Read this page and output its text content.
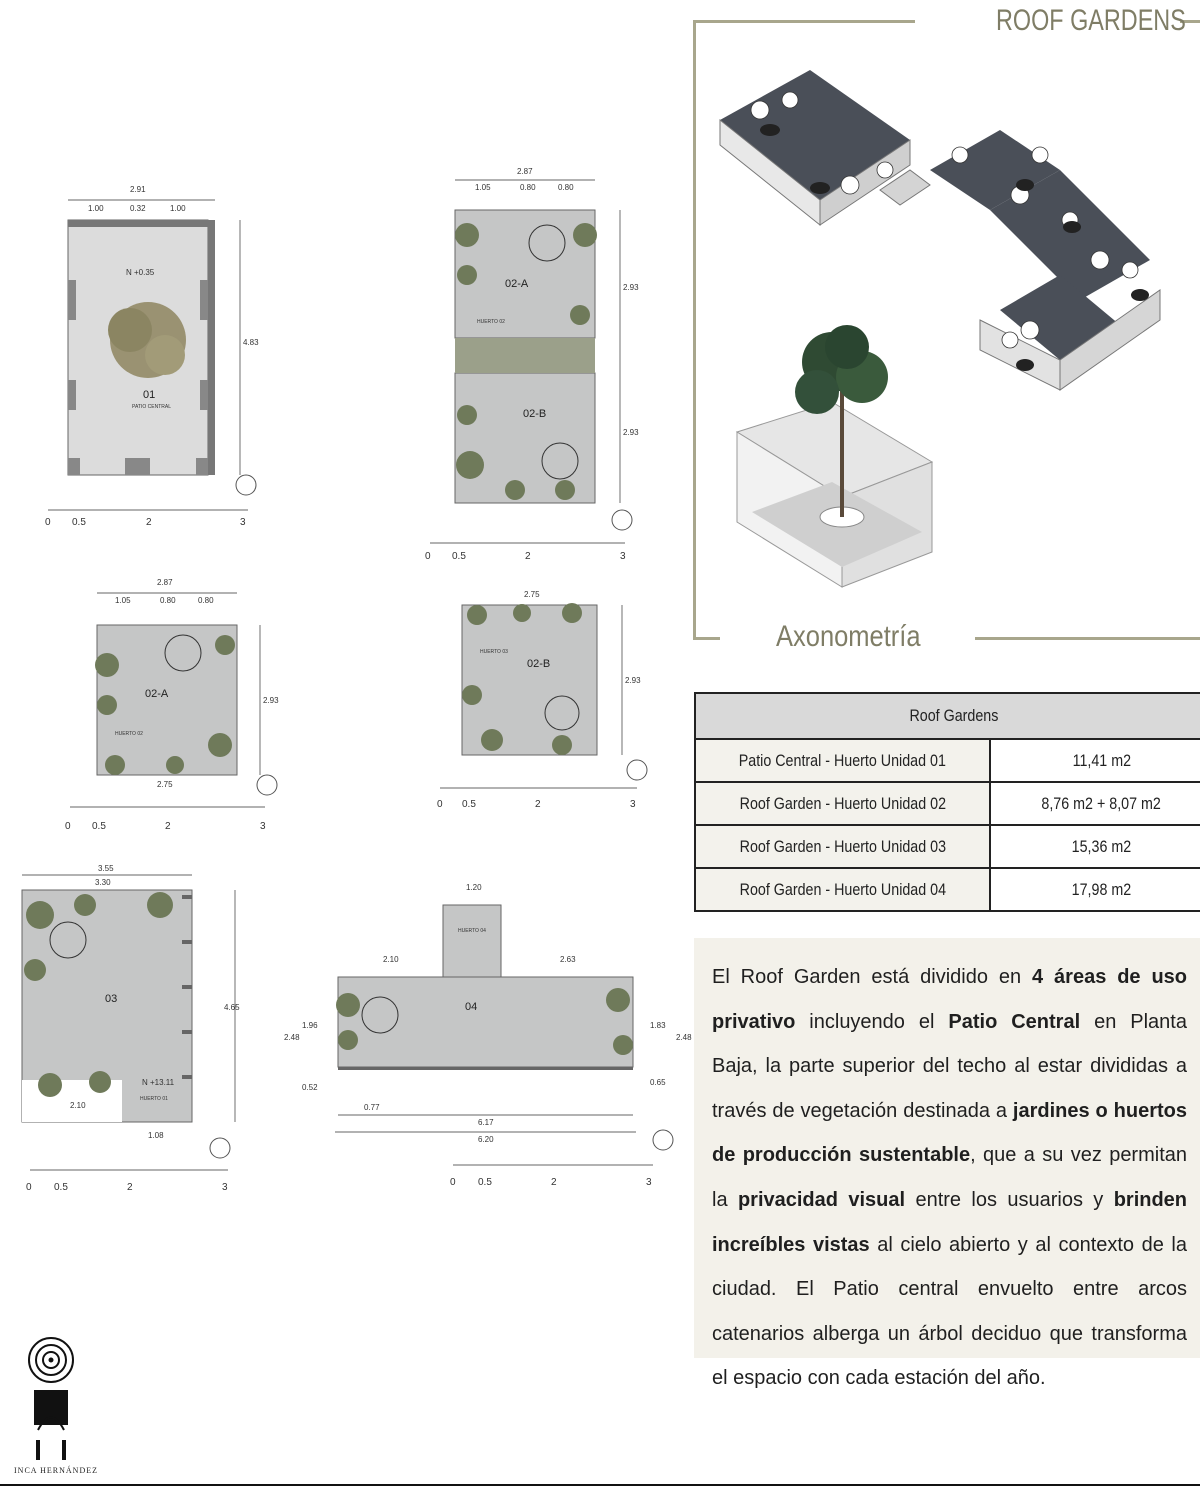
ROOF GARDENS
Axonometría
2.91
1.00	0.32	1.00
4.83
N +0.35
01
PATIO CENTRAL
0 0.5	2	3
2.87
1.05	0.80	0.80
2.93
2.93
02-A
02-B
HUERTO 02
0 0.5	2	3
2.87
1.05	0.80	0.80
2.75
2.93
02-A
HUERTO 02
0 0.5	2	3
2.75
2.93
02-B
HUERTO 03
0 0.5	2	3
3.55
3.30
4.65
2.10
1.08
03
N +13.11
HUERTO 01
0 0.5	2	3
1.20
2.10	2.63
6.17
6.20
2.48
1.96
0.52
2.48
1.83
0.65
0.77
04
HUERTO 04
0 0.5	2	3
Roof Gardens	
Patio Central - Huerto Unidad 01	11,41 m2
Roof Garden - Huerto Unidad 02	8,76 m2 + 8,07 m2
Roof Garden - Huerto Unidad 03	15,36 m2
Roof Garden - Huerto Unidad 04	17,98 m2
El Roof Garden está dividido en 4 áreas de uso privativo incluyendo el Patio Central en Planta Baja, la parte superior del techo al estar divididas a través de vegetación destinada a jardines o huertos de producción sustentable, que a su vez permitan la privacidad visual entre los usuarios y brinden increíbles vistas al cielo abierto y al contexto de la ciudad. El Patio central envuelto entre arcos catenarios alberga un árbol deciduo que transforma el espacio con cada estación del año.
INCA HERNÁNDEZ
